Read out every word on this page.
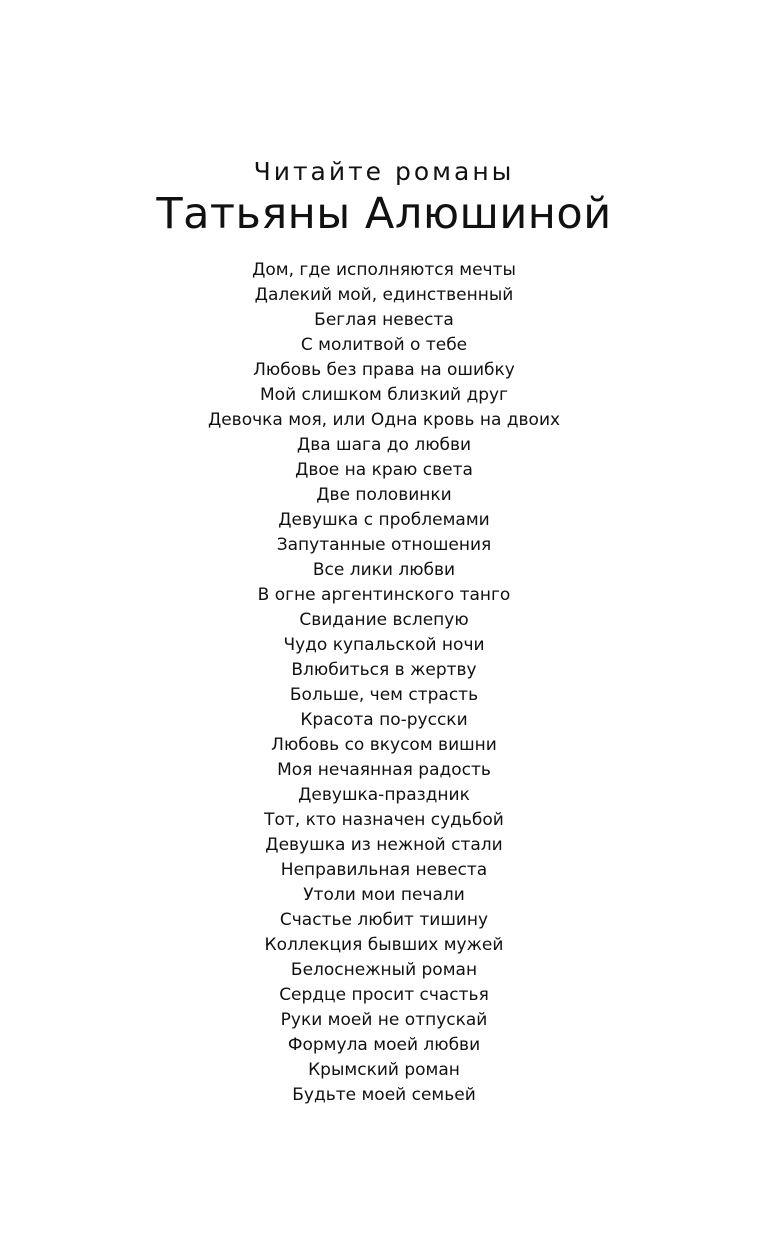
Читайте романы
Татьяны Алюшиной
Дом, где исполняются мечты
Далекий мой, единственный
Беглая невеста
С молитвой о тебе
Любовь без права на ошибку
Мой слишком близкий друг
Девочка моя, или Одна кровь на двоих
Два шага до любви
Двое на краю света
Две половинки
Девушка с проблемами
Запутанные отношения
Все лики любви
В огне аргентинского танго
Свидание вслепую
Чудо купальской ночи
Влюбиться в жертву
Больше, чем страсть
Красота по-русски
Любовь со вкусом вишни
Моя нечаянная радость
Девушка-праздник
Тот, кто назначен судьбой
Девушка из нежной стали
Неправильная невеста
Утоли мои печали
Счастье любит тишину
Коллекция бывших мужей
Белоснежный роман
Сердце просит счастья
Руки моей не отпускай
Формула моей любви
Крымский роман
Будьте моей семьей
